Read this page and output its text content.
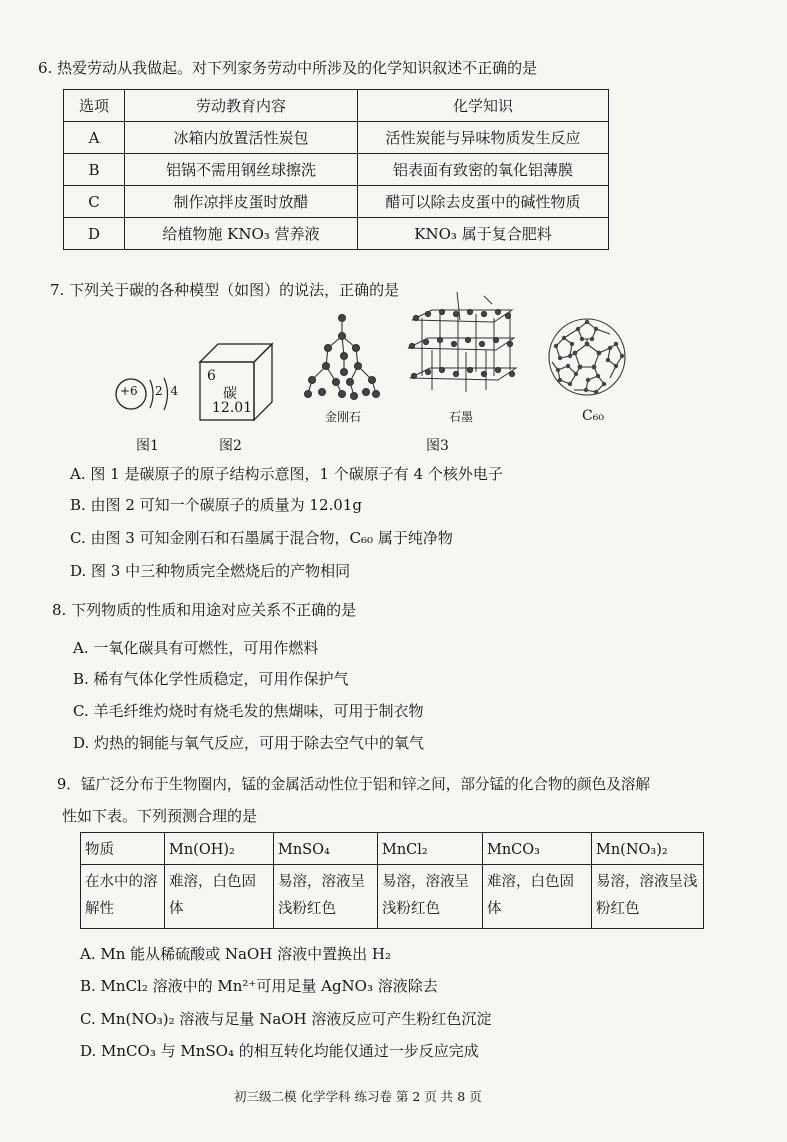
6. 热爱劳动从我做起。对下列家务劳动中所涉及的化学知识叙述不正确的是
选项	劳动教育内容	化学知识
A	冰箱内放置活性炭包	活性炭能与异味物质发生反应
B	铝锅不需用钢丝球擦洗	铝表面有致密的氧化铝薄膜
C	制作凉拌皮蛋时放醋	醋可以除去皮蛋中的碱性物质
D	给植物施 KNO₃ 营养液	KNO₃ 属于复合肥料
7. 下列关于碳的各种模型（如图）的说法，正确的是
+6 2 4
图1
6
碳
12.01
图2
金刚石	石墨	C₆₀
图3
A. 图 1 是碳原子的原子结构示意图，1 个碳原子有 4 个核外电子
B. 由图 2 可知一个碳原子的质量为 12.01g
C. 由图 3 可知金刚石和石墨属于混合物，C₆₀ 属于纯净物
D. 图 3 中三种物质完全燃烧后的产物相同
8. 下列物质的性质和用途对应关系不正确的是
A. 一氧化碳具有可燃性，可用作燃料
B. 稀有气体化学性质稳定，可用作保护气
C. 羊毛纤维灼烧时有烧毛发的焦煳味，可用于制衣物
D. 灼热的铜能与氧气反应，可用于除去空气中的氧气
9．锰广泛分布于生物圈内，锰的金属活动性位于铝和锌之间，部分锰的化合物的颜色及溶解
性如下表。下列预测合理的是
物质	Mn(OH)₂	MnSO₄	MnCl₂	MnCO₃	Mn(NO₃)₂
在水中的溶解性	难溶，白色固体	易溶，溶液呈浅粉红色	易溶，溶液呈浅粉红色	难溶，白色固体	易溶，溶液呈浅粉红色
A. Mn 能从稀硫酸或 NaOH 溶液中置换出 H₂
B. MnCl₂ 溶液中的 Mn²⁺可用足量 AgNO₃ 溶液除去
C. Mn(NO₃)₂ 溶液与足量 NaOH 溶液反应可产生粉红色沉淀
D. MnCO₃ 与 MnSO₄ 的相互转化均能仅通过一步反应完成
初三级二模 化学学科 练习卷 第 2 页 共 8 页
